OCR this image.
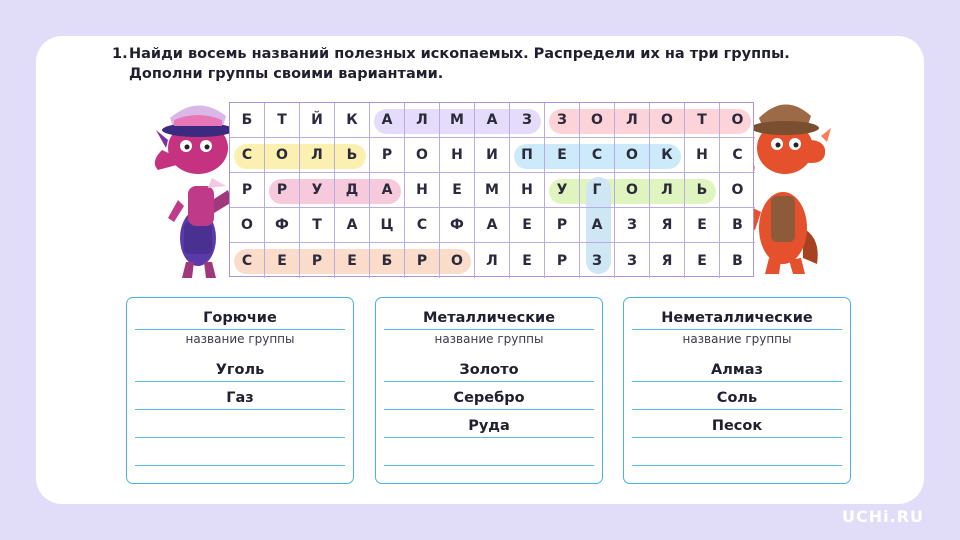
1. Найди восемь названий полезных ископаемых. Распредели их на три группы.
Дополни группы своими вариантами.
Б	Т	Й	К	А	Л	М	А	З	З	О	Л	О	Т	О
С	О	Л	Ь	Р	О	Н	И	П	Е	С	О	К	Н	С
Р	Р	У	Д	А	Н	Е	М	Н	У	Г	О	Л	Ь	О
О	Ф	Т	А	Ц	С	Ф	А	Е	Р	А	З	Я	Е	В
С	Е	Р	Е	Б	Р	О	Л	Е	Р	З	З	Я	Е	В
Горючие
название группы
Уголь
Газ
Металлические
название группы
Золото
Серебро
Руда
Неметаллические
название группы
Алмаз
Соль
Песок
UCHi.RU
